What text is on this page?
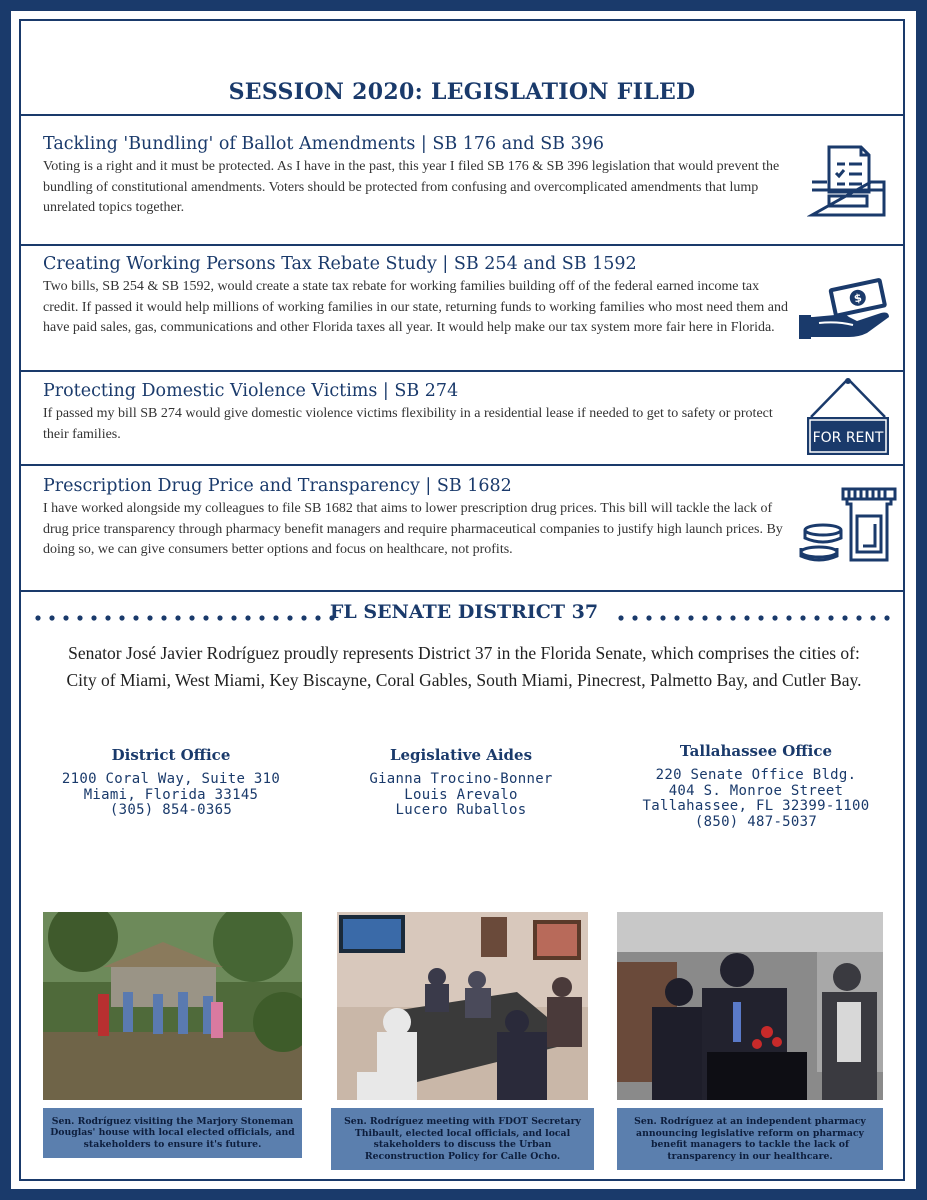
SESSION 2020: LEGISLATION FILED
Tackling 'Bundling' of Ballot Amendments | SB 176 and SB 396

Voting is a right and it must be protected. As I have in the past, this year I filed SB 176 & SB 396 legislation that would prevent the bundling of constitutional amendments. Voters should be protected from confusing and overcomplicated amendments that lump unrelated topics together.

Creating Working Persons Tax Rebate Study | SB 254 and SB 1592

Two bills, SB 254 & SB 1592, would create a state tax rebate for working families building off of the federal earned income tax credit. If passed it would help millions of working families in our state, returning funds to working families who most need them and have paid sales, gas, communications and other Florida taxes all year. It would help make our tax system more fair here in Florida.

$
Protecting Domestic Violence Victims | SB 274

If passed my bill SB 274 would give domestic violence victims flexibility in a residential lease if needed to get to safety or protect their families.	FOR RENT
Prescription Drug Price and Transparency | SB 1682

I have worked alongside my colleagues to file SB 1682 that aims to lower prescription drug prices. This bill will tackle the lack of drug price transparency through pharmacy benefit managers and require pharmaceutical companies to justify high launch prices. By doing so, we can give consumers better options and focus on healthcare, not profits.

FL SENATE DISTRICT 37
Senator José Javier Rodríguez proudly represents District 37 in the Florida Senate, which comprises the cities of: City of Miami, West Miami, Key Biscayne, Coral Gables, South Miami, Pinecrest, Palmetto Bay, and Cutler Bay.
District Office
2100 Coral Way, Suite 310
Miami, Florida 33145
(305) 854-0365
Legislative Aides
Gianna Trocino-Bonner
Louis Arevalo
Lucero Ruballos
Tallahassee Office
220 Senate Office Bldg.
404 S. Monroe Street
Tallahassee, FL 32399-1100
(850) 487-5037
Sen. Rodríguez visiting the Marjory Stoneman Douglas' house with local elected officials, and stakeholders to ensure it's future.
Sen. Rodríguez meeting with FDOT Secretary Thibault, elected local officials, and local stakeholders to discuss the Urban Reconstruction Policy for Calle Ocho.
Sen. Rodríguez at an independent pharmacy announcing legislative reform on pharmacy benefit managers to tackle the lack of transparency in our healthcare.
